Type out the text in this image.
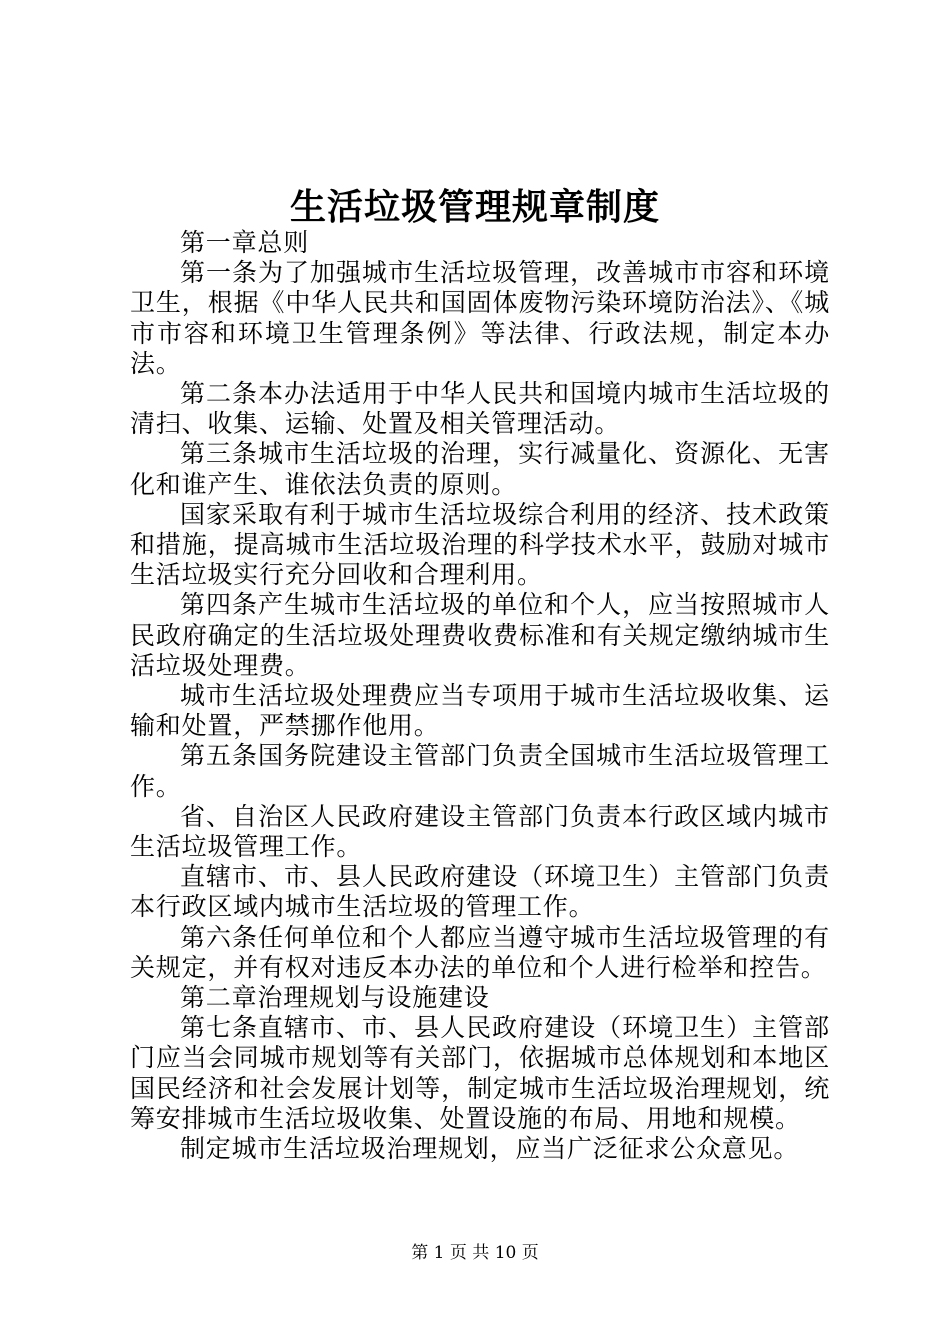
生活垃圾管理规章制度

第一章总则

第一条为了加强城市生活垃圾管理，改善城市市容和环境卫生，根据《中华人民共和国固体废物污染环境防治法》、《城市市容和环境卫生管理条例》等法律、行政法规，制定本办法。

第二条本办法适用于中华人民共和国境内城市生活垃圾的清扫、收集、运输、处置及相关管理活动。

第三条城市生活垃圾的治理，实行减量化、资源化、无害化和谁产生、谁依法负责的原则。

国家采取有利于城市生活垃圾综合利用的经济、技术政策和措施，提高城市生活垃圾治理的科学技术水平，鼓励对城市生活垃圾实行充分回收和合理利用。

第四条产生城市生活垃圾的单位和个人，应当按照城市人民政府确定的生活垃圾处理费收费标准和有关规定缴纳城市生活垃圾处理费。

城市生活垃圾处理费应当专项用于城市生活垃圾收集、运输和处置，严禁挪作他用。

第五条国务院建设主管部门负责全国城市生活垃圾管理工作。

省、自治区人民政府建设主管部门负责本行政区域内城市生活垃圾管理工作。

直辖市、市、县人民政府建设（环境卫生）主管部门负责本行政区域内城市生活垃圾的管理工作。

第六条任何单位和个人都应当遵守城市生活垃圾管理的有关规定，并有权对违反本办法的单位和个人进行检举和控告。

第二章治理规划与设施建设

第七条直辖市、市、县人民政府建设（环境卫生）主管部门应当会同城市规划等有关部门，依据城市总体规划和本地区国民经济和社会发展计划等，制定城市生活垃圾治理规划，统筹安排城市生活垃圾收集、处置设施的布局、用地和规模。

制定城市生活垃圾治理规划，应当广泛征求公众意见。

第 1 页 共 10 页
